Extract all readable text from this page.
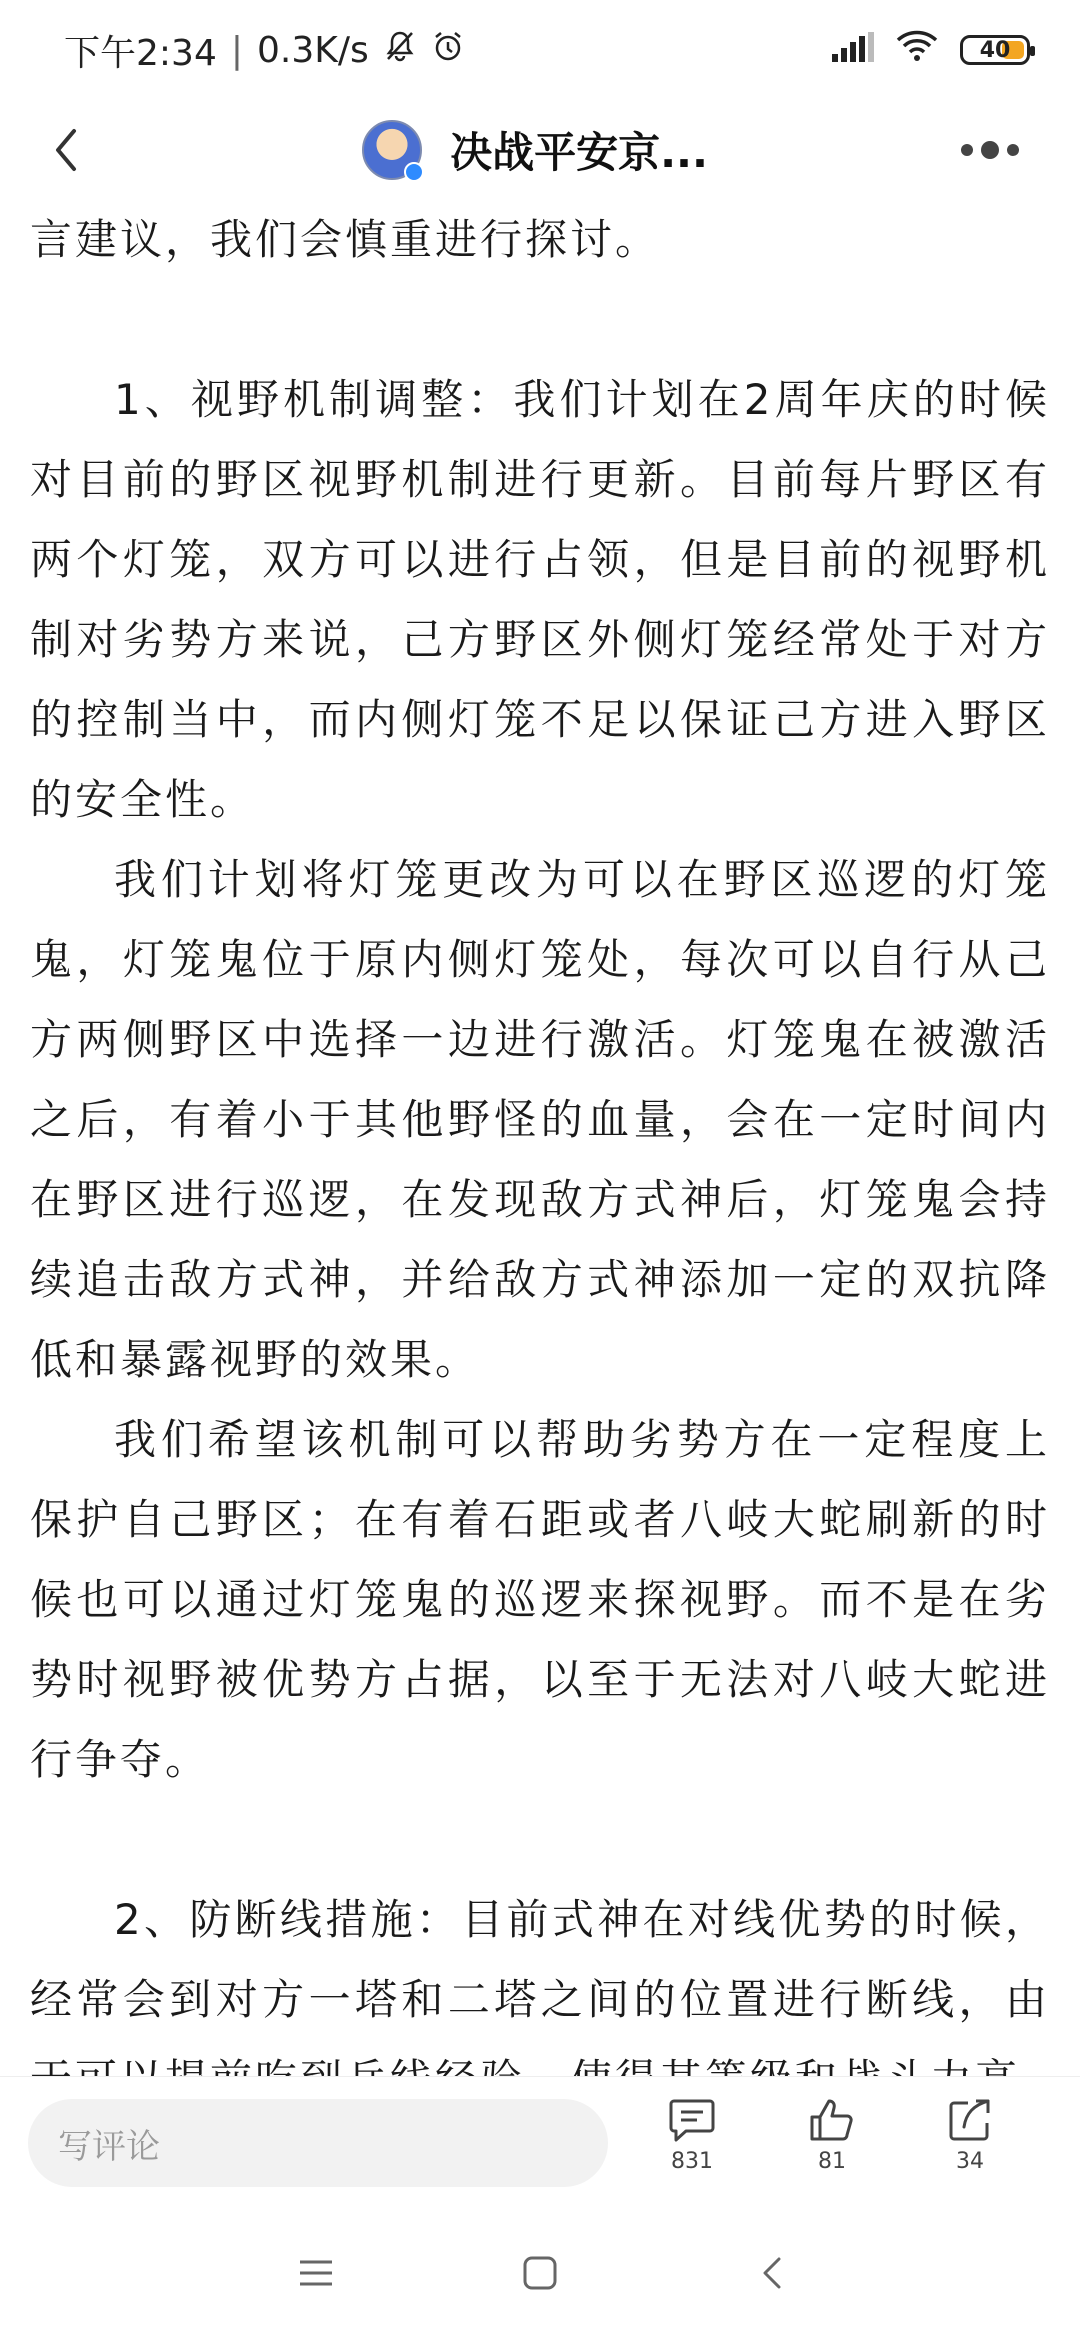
下午2:34 | 0.3K/s	40
决战平安京...

言建议，我们会慎重进行探讨。

1、视野机制调整：我们计划在2周年庆的时候对目前的野区视野机制进行更新。目前每片野区有两个灯笼，双方可以进行占领，但是目前的视野机制对劣势方来说，己方野区外侧灯笼经常处于对方的控制当中，而内侧灯笼不足以保证己方进入野区的安全性。

我们计划将灯笼更改为可以在野区巡逻的灯笼鬼，灯笼鬼位于原内侧灯笼处，每次可以自行从己方两侧野区中选择一边进行激活。灯笼鬼在被激活之后，有着小于其他野怪的血量，会在一定时间内在野区进行巡逻，在发现敌方式神后，灯笼鬼会持续追击敌方式神，并给敌方式神添加一定的双抗降低和暴露视野的效果。

我们希望该机制可以帮助劣势方在一定程度上保护自己野区；在有着石距或者八岐大蛇刷新的时候也可以通过灯笼鬼的巡逻来探视野。而不是在劣势时视野被优势方占据，以至于无法对八岐大蛇进行争夺。

2、防断线措施：目前式神在对线优势的时候，经常会到对方一塔和二塔之间的位置进行断线，由

写评论	831	81	34
